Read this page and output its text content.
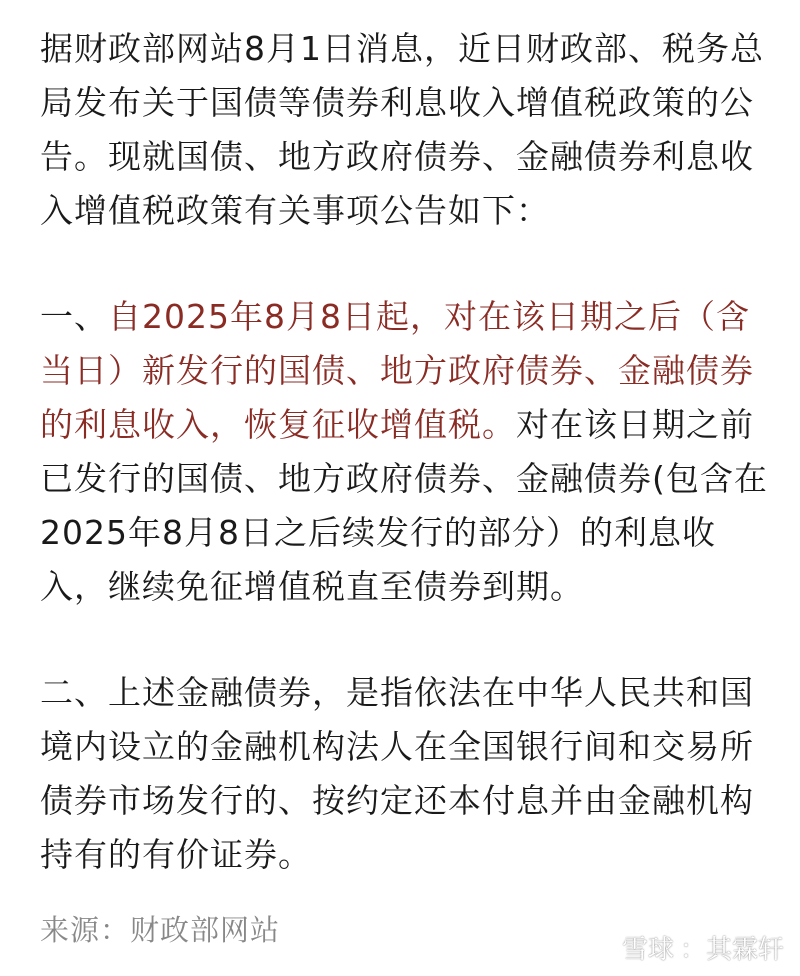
据财政部网站8月1日消息，近日财政部、税务总局发布关于国债等债券利息收入增值税政策的公告。现就国债、地方政府债券、金融债券利息收入增值税政策有关事项公告如下：

一、自2025年8月8日起，对在该日期之后（含当日）新发行的国债、地方政府债券、金融债券的利息收入，恢复征收增值税。对在该日期之前已发行的国债、地方政府债券、金融债券(包含在2025年8月8日之后续发行的部分）的利息收入，继续免征增值税直至债券到期。

二、上述金融债券，是指依法在中华人民共和国境内设立的金融机构法人在全国银行间和交易所债券市场发行的、按约定还本付息并由金融机构持有的有价证券。

来源：财政部网站
雪球 ：其霖轩
